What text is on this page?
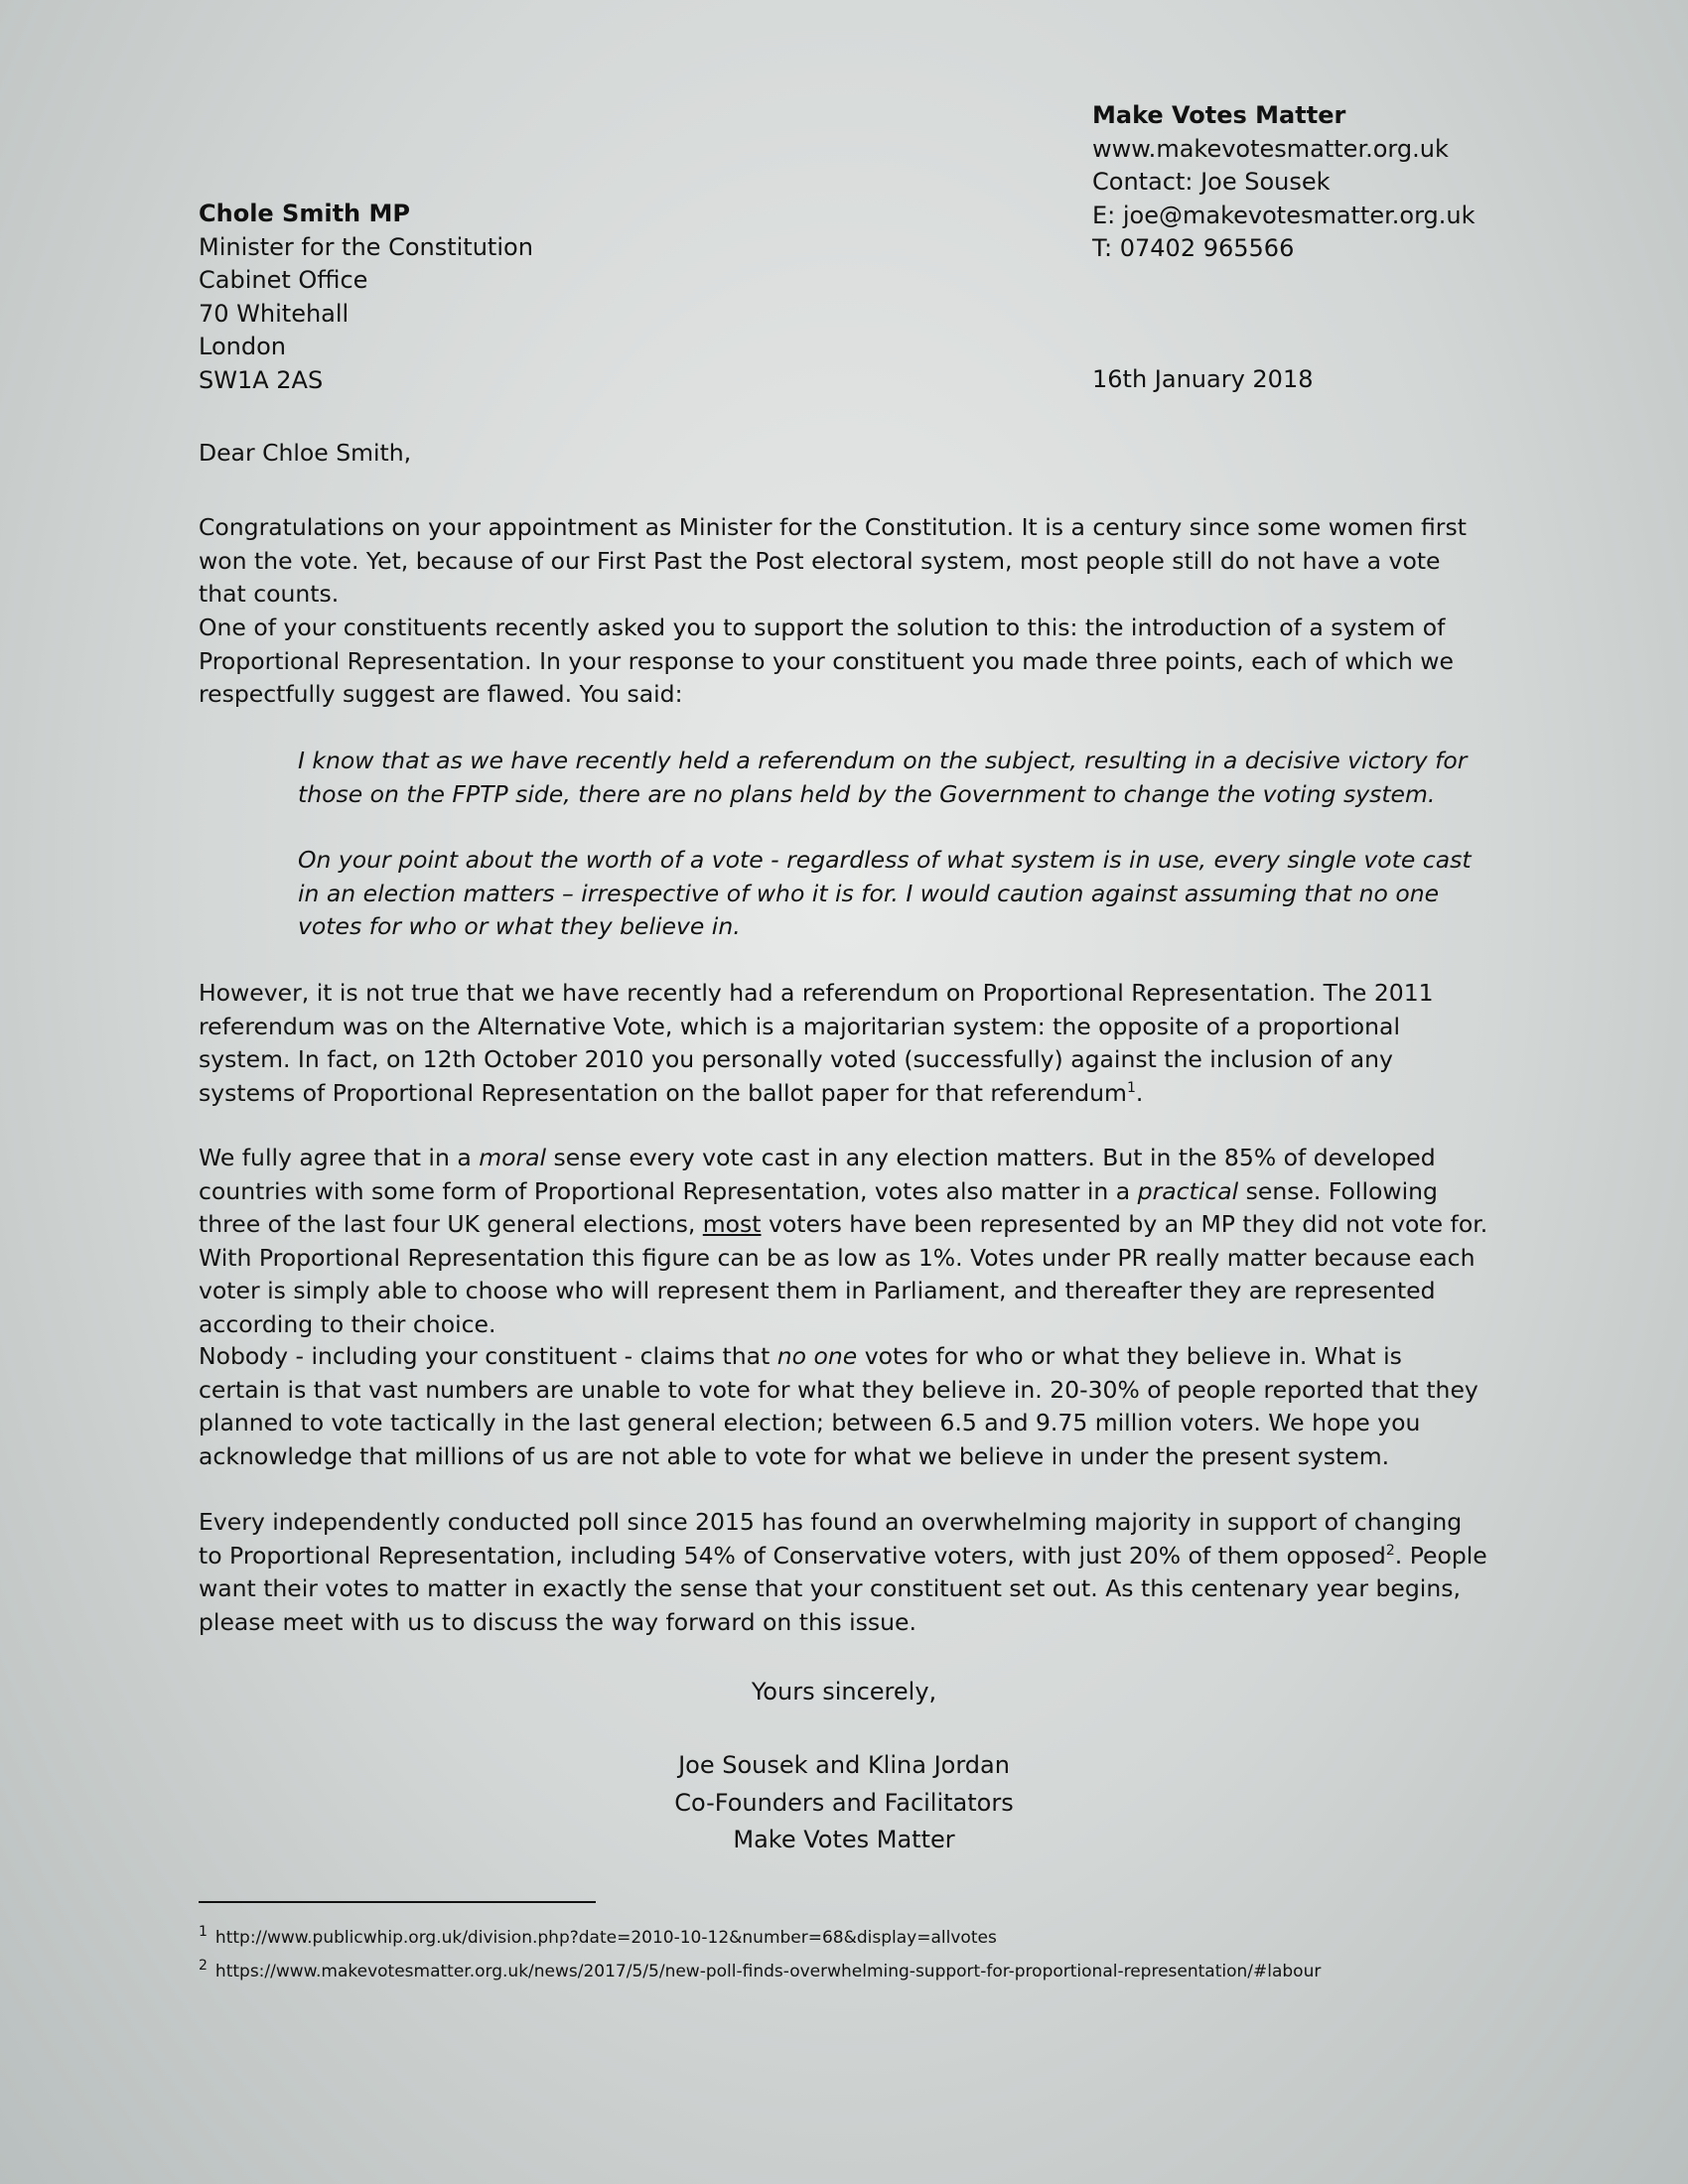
Make Votes Matter
www.makevotesmatter.org.uk
Contact: Joe Sousek
E: joe@makevotesmatter.org.uk
T: 07402 965566
Chole Smith MP
Minister for the Constitution
Cabinet Office
70 Whitehall
London
SW1A 2AS	16th January 2018
Dear Chloe Smith,

Congratulations on your appointment as Minister for the Constitution. It is a century since some women first won the vote. Yet, because of our First Past the Post electoral system, most people still do not have a vote that counts.

One of your constituents recently asked you to support the solution to this: the introduction of a system of Proportional Representation. In your response to your constituent you made three points, each of which we respectfully suggest are flawed. You said:

I know that as we have recently held a referendum on the subject, resulting in a decisive victory for those on the FPTP side, there are no plans held by the Government to change the voting system.
On your point about the worth of a vote - regardless of what system is in use, every single vote cast in an election matters – irrespective of who it is for. I would caution against assuming that no one votes for who or what they believe in.

However, it is not true that we have recently had a referendum on Proportional Representation. The 2011 referendum was on the Alternative Vote, which is a majoritarian system: the opposite of a proportional system. In fact, on 12th October 2010 you personally voted (successfully) against the inclusion of any systems of Proportional Representation on the ballot paper for that referendum$^1$.

We fully agree that in a moral sense every vote cast in any election matters. But in the 85% of developed countries with some form of Proportional Representation, votes also matter in a practical sense. Following three of the last four UK general elections, most voters have been represented by an MP they did not vote for. With Proportional Representation this figure can be as low as 1%. Votes under PR really matter because each voter is simply able to choose who will represent them in Parliament, and thereafter they are represented according to their choice.

Nobody - including your constituent - claims that no one votes for who or what they believe in. What is certain is that vast numbers are unable to vote for what they believe in. 20-30% of people reported that they planned to vote tactically in the last general election; between 6.5 and 9.75 million voters. We hope you acknowledge that millions of us are not able to vote for what we believe in under the present system.

Every independently conducted poll since 2015 has found an overwhelming majority in support of changing to Proportional Representation, including 54% of Conservative voters, with just 20% of them opposed$^2$. People want their votes to matter in exactly the sense that your constituent set out. As this centenary year begins, please meet with us to discuss the way forward on this issue.

Yours sincerely,
Joe Sousek and Klina Jordan
Co-Founders and Facilitators
Make Votes Matter
$^1$ http://www.publicwhip.org.uk/division.php?date=2010-10-12&number=68&display=allvotes
$^2$ https://www.makevotesmatter.org.uk/news/2017/5/5/new-poll-finds-overwhelming-support-for-proportional-representation/#labour
